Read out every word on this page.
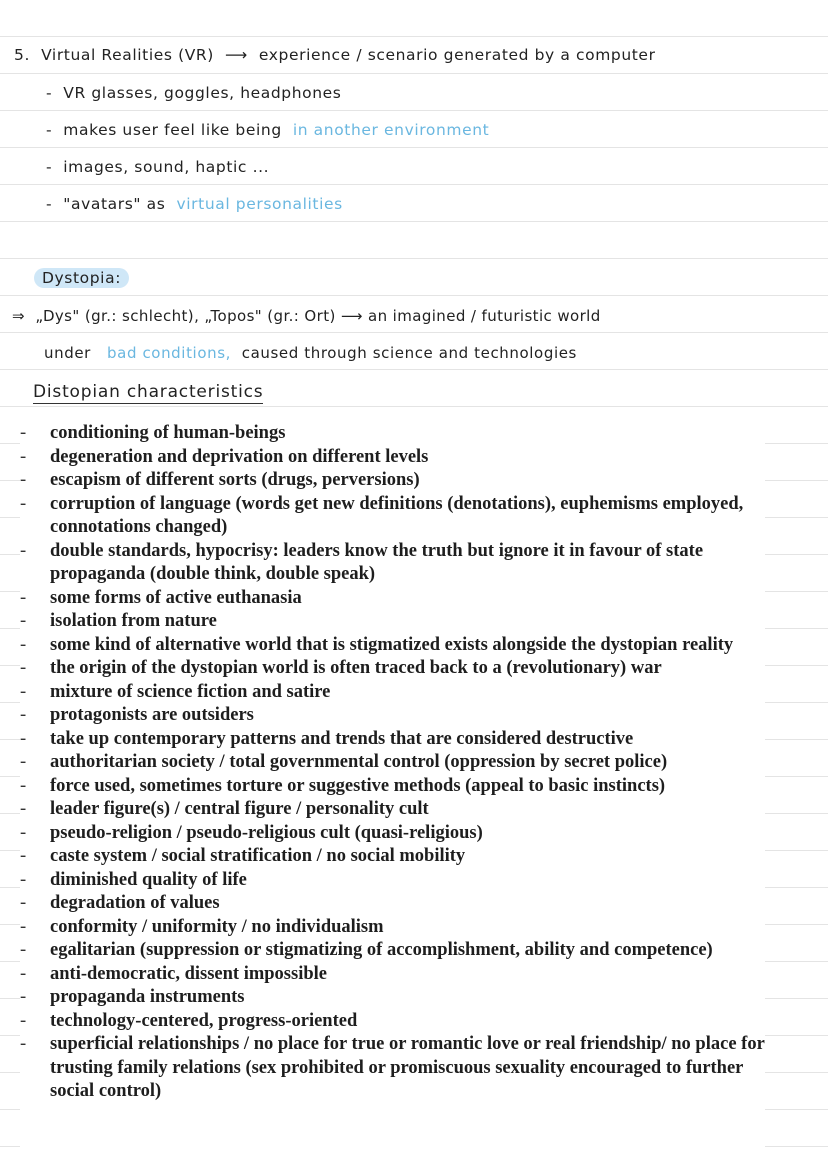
5. Virtual Realities (VR) ⟶ experience / scenario generated by a computer
- VR glasses, goggles, headphones
- makes user feel like being in another environment
- images, sound, haptic ...
- "avatars" as virtual personalities
Dystopia:
⇒ „Dys" (gr.: schlecht), „Topos" (gr.: Ort) ⟶ an imagined / futuristic world
under bad conditions, caused through science and technologies
Distopian characteristics
- conditioning of human-beings
- degeneration and deprivation on different levels
- escapism of different sorts (drugs, perversions)
- corruption of language (words get new definitions (denotations), euphemisms employed, connotations changed)
- double standards, hypocrisy: leaders know the truth but ignore it in favour of state propaganda (double think, double speak)
- some forms of active euthanasia
- isolation from nature
- some kind of alternative world that is stigmatized exists alongside the dystopian reality
- the origin of the dystopian world is often traced back to a (revolutionary) war
- mixture of science fiction and satire
- protagonists are outsiders
- take up contemporary patterns and trends that are considered destructive
- authoritarian society / total governmental control (oppression by secret police)
- force used, sometimes torture or suggestive methods (appeal to basic instincts)
- leader figure(s) / central figure / personality cult
- pseudo-religion / pseudo-religious cult (quasi-religious)
- caste system / social stratification / no social mobility
- diminished quality of life
- degradation of values
- conformity / uniformity / no individualism
- egalitarian (suppression or stigmatizing of accomplishment, ability and competence)
- anti-democratic, dissent impossible
- propaganda instruments
- technology-centered, progress-oriented
- superficial relationships / no place for true or romantic love or real friendship/ no place for trusting family relations (sex prohibited or promiscuous sexuality encouraged to further social control)
